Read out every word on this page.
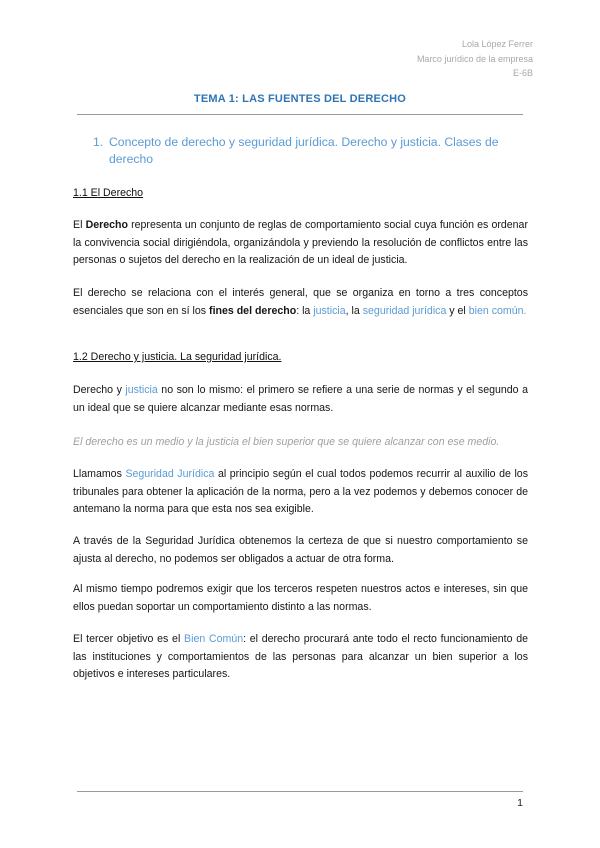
Lola López Ferrer
Marco jurídico de la empresa
E-6B
TEMA 1: LAS FUENTES DEL DERECHO
1. Concepto de derecho y seguridad jurídica. Derecho y justicia. Clases de derecho
1.1 El Derecho
El Derecho representa un conjunto de reglas de comportamiento social cuya función es ordenar la convivencia social dirigiéndola, organizándola y previendo la resolución de conflictos entre las personas o sujetos del derecho en la realización de un ideal de justicia.
El derecho se relaciona con el interés general, que se organiza en torno a tres conceptos esenciales que son en sí los fines del derecho: la justicia, la seguridad jurídica y el bien común.
1.2 Derecho y justicia. La seguridad jurídica.
Derecho y justicia no son lo mismo: el primero se refiere a una serie de normas y el segundo a un ideal que se quiere alcanzar mediante esas normas.
El derecho es un medio y la justicia el bien superior que se quiere alcanzar con ese medio.
Llamamos Seguridad Jurídica al principio según el cual todos podemos recurrir al auxilio de los tribunales para obtener la aplicación de la norma, pero a la vez podemos y debemos conocer de antemano la norma para que esta nos sea exigible.
A través de la Seguridad Jurídica obtenemos la certeza de que si nuestro comportamiento se ajusta al derecho, no podemos ser obligados a actuar de otra forma.
Al mismo tiempo podremos exigir que los terceros respeten nuestros actos e intereses, sin que ellos puedan soportar un comportamiento distinto a las normas.
El tercer objetivo es el Bien Común: el derecho procurará ante todo el recto funcionamiento de las instituciones y comportamientos de las personas para alcanzar un bien superior a los objetivos e intereses particulares.
1
